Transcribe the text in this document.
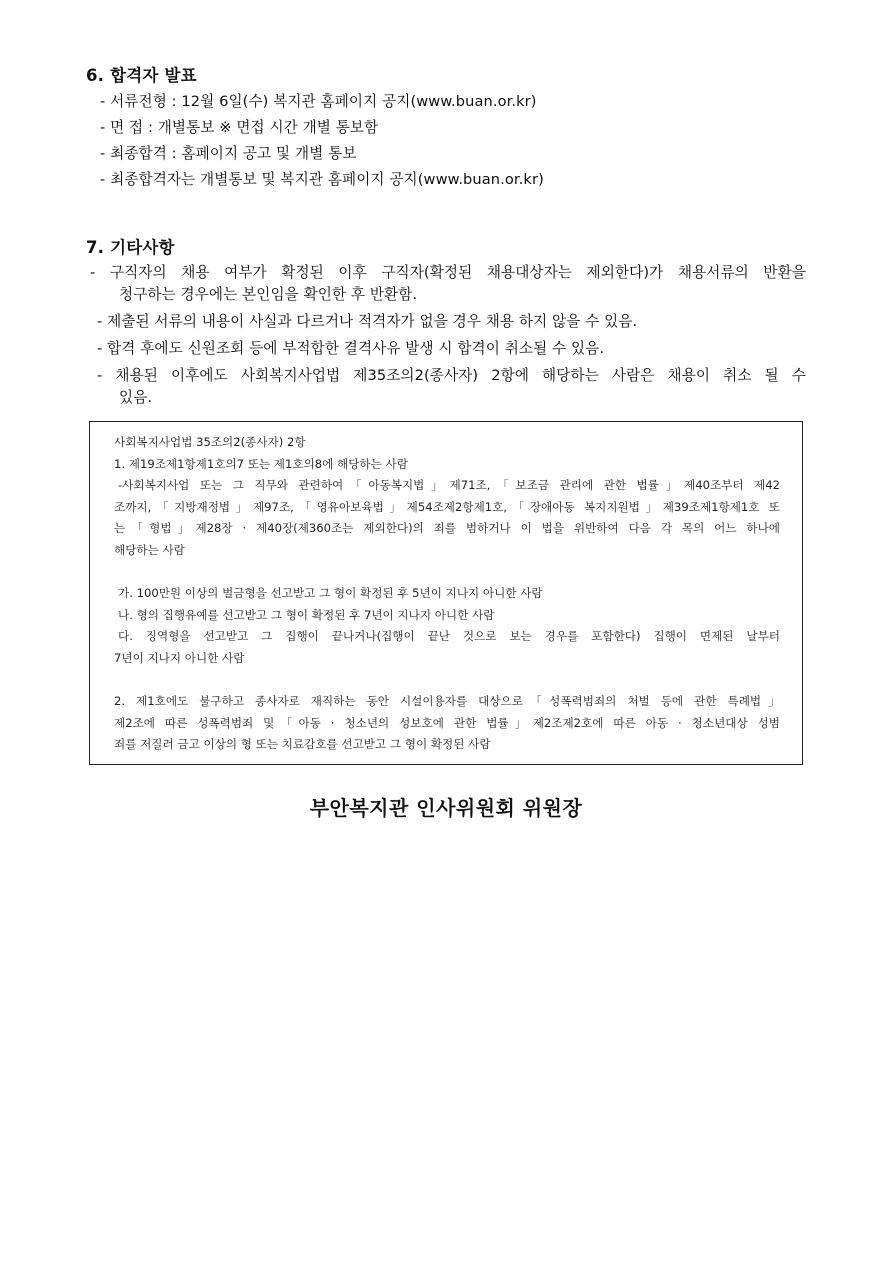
6. 합격자 발표
- 서류전형 : 12월 6일(수) 복지관 홈페이지 공지(www.buan.or.kr)
- 면 접 : 개별통보 ※ 면접 시간 개별 통보함
- 최종합격 : 홈페이지 공고 및 개별 통보
- 최종합격자는 개별통보 및 복지관 홈페이지 공지(www.buan.or.kr)
7. 기타사항
- 구직자의 채용 여부가 확정된 이후 구직자(확정된 채용대상자는 제외한다)가 채용서류의 반환을
청구하는 경우에는 본인임을 확인한 후 반환함.
- 제출된 서류의 내용이 사실과 다르거나 적격자가 없을 경우 채용 하지 않을 수 있음.
- 합격 후에도 신원조회 등에 부적합한 결격사유 발생 시 합격이 취소될 수 있음.
- 채용된 이후에도 사회복지사업법 제35조의2(종사자) 2항에 해당하는 사람은 채용이 취소 될 수
있음.
사회복지사업법 35조의2(종사자) 2항
1. 제19조제1항제1호의7 또는 제1호의8에 해당하는 사람
-사회복지사업 또는 그 직무와 관련하여「아동복지법」제71조,「보조금 관리에 관한 법률」제40조부터 제42
조까지,「지방재정법」제97조,「영유아보육법」제54조제2항제1호,「장애아동 복지지원법」제39조제1항제1호 또
는「형법」제28장 · 제40장(제360조는 제외한다)의 죄를 범하거나 이 법을 위반하여 다음 각 목의 어느 하나에
해당하는 사람
가. 100만원 이상의 벌금형을 선고받고 그 형이 확정된 후 5년이 지나지 아니한 사람
나. 형의 집행유예를 선고받고 그 형이 확정된 후 7년이 지나지 아니한 사람
다. 징역형을 선고받고 그 집행이 끝나거나(집행이 끝난 것으로 보는 경우를 포함한다) 집행이 면제된 날부터
7년이 지나지 아니한 사람
2. 제1호에도 불구하고 종사자로 재직하는 동안 시설이용자를 대상으로「성폭력범죄의 처벌 등에 관한 특례법」
제2조에 따른 성폭력범죄 및「아동 · 청소년의 성보호에 관한 법률」제2조제2호에 따른 아동 · 청소년대상 성범
죄를 저질러 금고 이상의 형 또는 치료감호를 선고받고 그 형이 확정된 사람
부안복지관 인사위원회 위원장
